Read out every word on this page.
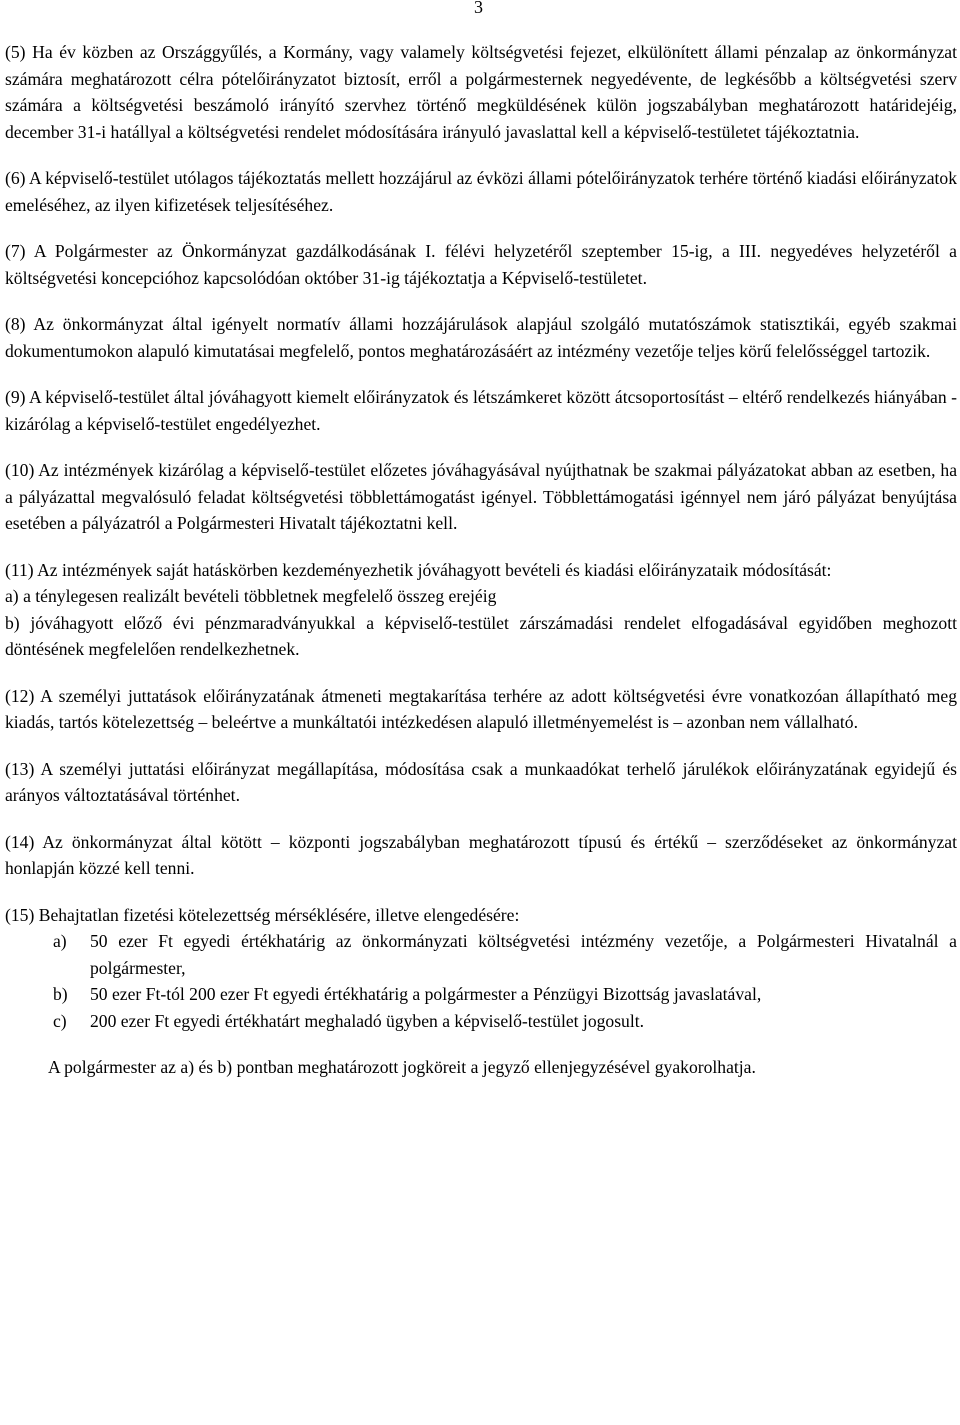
3

(5) Ha év közben az Országgyűlés, a Kormány, vagy valamely költségvetési fejezet, elkülönített állami pénzalap az önkormányzat számára meghatározott célra pótelőirányzatot biztosít, erről a polgármesternek negyedévente, de legkésőbb a költségvetési szerv számára a költségvetési beszámoló irányító szervhez történő megküldésének külön jogszabályban meghatározott határidejéig, december 31-i hatállyal a költségvetési rendelet módosítására irányuló javaslattal kell a képviselő-testületet tájékoztatnia.

(6) A képviselő-testület utólagos tájékoztatás mellett hozzájárul az évközi állami pótelőirányzatok terhére történő kiadási előirányzatok emeléséhez, az ilyen kifizetések teljesítéséhez.

(7) A Polgármester az Önkormányzat gazdálkodásának I. félévi helyzetéről szeptember 15-ig, a III. negyedéves helyzetéről a költségvetési koncepcióhoz kapcsolódóan október 31-ig tájékoztatja a Képviselő-testületet.

(8) Az önkormányzat által igényelt normatív állami hozzájárulások alapjául szolgáló mutatószámok statisztikái, egyéb szakmai dokumentumokon alapuló kimutatásai megfelelő, pontos meghatározásáért az intézmény vezetője teljes körű felelősséggel tartozik.

(9) A képviselő-testület által jóváhagyott kiemelt előirányzatok és létszámkeret között átcsoportosítást – eltérő rendelkezés hiányában - kizárólag a képviselő-testület engedélyezhet.

(10) Az intézmények kizárólag a képviselő-testület előzetes jóváhagyásával nyújthatnak be szakmai pályázatokat abban az esetben, ha a pályázattal megvalósuló feladat költségvetési többlettámogatást igényel. Többlettámogatási igénnyel nem járó pályázat benyújtása esetében a pályázatról a Polgármesteri Hivatalt tájékoztatni kell.

(11) Az intézmények saját hatáskörben kezdeményezhetik jóváhagyott bevételi és kiadási előirányzataik módosítását:
a) a ténylegesen realizált bevételi többletnek megfelelő összeg erejéig
b) jóváhagyott előző évi pénzmaradványukkal a képviselő-testület zárszámadási rendelet elfogadásával egyidőben meghozott döntésének megfelelően rendelkezhetnek.

(12) A személyi juttatások előirányzatának átmeneti megtakarítása terhére az adott költségvetési évre vonatkozóan állapítható meg kiadás, tartós kötelezettség – beleértve a munkáltatói intézkedésen alapuló illetményemelést is – azonban nem vállalható.

(13) A személyi juttatási előirányzat megállapítása, módosítása csak a munkaadókat terhelő járulékok előirányzatának egyidejű és arányos változtatásával történhet.

(14) Az önkormányzat által kötött – központi jogszabályban meghatározott típusú és értékű – szerződéseket az önkormányzat honlapján közzé kell tenni.

(15) Behajtatlan fizetési kötelezettség mérséklésére, illetve elengedésére:

a)	50 ezer Ft egyedi értékhatárig az önkormányzati költségvetési intézmény vezetője, a Polgármesteri Hivatalnál a polgármester,
b)	50 ezer Ft-tól 200 ezer Ft egyedi értékhatárig a polgármester a Pénzügyi Bizottság javaslatával,
c)	200 ezer Ft egyedi értékhatárt meghaladó ügyben a képviselő-testület jogosult.

A polgármester az a) és b) pontban meghatározott jogköreit a jegyző ellenjegyzésével gyakorolhatja.
